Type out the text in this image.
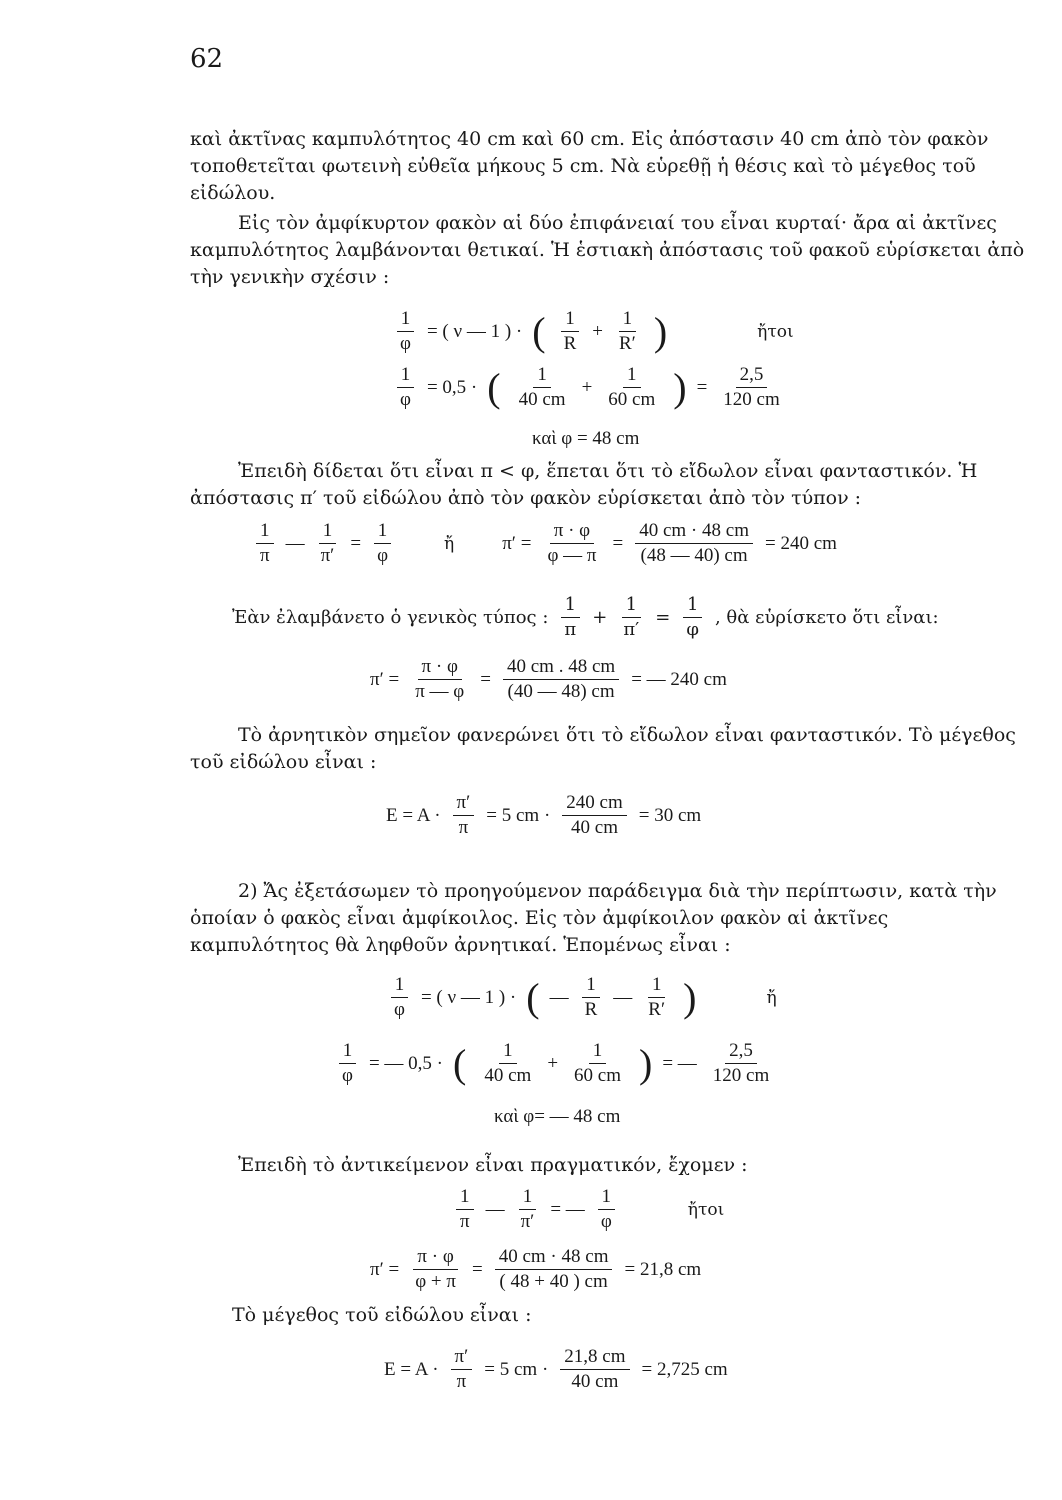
62

καὶ ἀκτῖνας καμπυλότητος 40 cm καὶ 60 cm. Εἰς ἀπόστασιν 40 cm ἀπὸ τὸν φακὸν τοποθετεῖται φωτεινὴ εὐθεῖα μήκους 5 cm. Νὰ εὑρεθῇ ἡ θέσις καὶ τὸ μέγεθος τοῦ εἰδώλου.

Εἰς τὸν ἀμφίκυρτον φακὸν αἱ δύο ἐπιφάνειαί του εἶναι κυρταί· ἄρα αἱ ἀκτῖνες καμπυλότητος λαμβάνονται θετικαί. Ἡ ἑστιακὴ ἀπόστασις τοῦ φακοῦ εὑρίσκεται ἀπὸ τὴν γενικὴν σχέσιν :

$\frac{1}{\varphi}$ = ( ν — 1 ) · ( $\frac{1}{R} + \frac{1}{R'}$ )	ἤτοι
$\frac{1}{\varphi} = 0,5$ · ( $\frac{1}{40 cm} + \frac{1}{60 cm}$ ) = $\frac{2,5}{120 cm}$
καὶ φ = 48 cm

Ἐπειδὴ δίδεται ὅτι εἶναι π < φ, ἕπεται ὅτι τὸ εἴδωλον εἶναι φανταστικόν. Ἡ ἀπόστασις π′ τοῦ εἰδώλου ἀπὸ τὸν φακὸν εὑρίσκεται ἀπὸ τὸν τύπον :

$\frac{1}{\pi}$ — $\frac{1}{\pi'} = \frac{1}{\varphi}$	ἤ	$\pi' = \frac{\pi \cdot \varphi}{\varphi — \pi} = \frac{40 cm \cdot 48 cm}{(48 — 40) cm} = 240$ cm
Ἐὰν ἐλαμβάνετο ὁ γενικὸς τύπος : $\frac{1}{\pi} + \frac{1}{\pi'} = \frac{1}{\varphi}$ , θὰ εὑρίσκετο ὅτι εἶναι:
$\pi' = \frac{\pi \cdot \varphi}{\pi — \varphi} = \frac{40 cm . 48 cm}{(40 — 48) cm}$ = — 240 cm

Τὸ ἀρνητικὸν σημεῖον φανερώνει ὅτι τὸ εἴδωλον εἶναι φανταστικόν. Τὸ μέγεθος τοῦ εἰδώλου εἶναι :

$E = A \cdot \frac{\pi'}{\pi} = 5$ cm · $\frac{240 cm}{40 cm} = 30$ cm

2) Ἄς ἐξετάσωμεν τὸ προηγούμενον παράδειγμα διὰ τὴν περίπτωσιν, κατὰ τὴν ὁποίαν ὁ φακὸς εἶναι ἀμφίκοιλος. Εἰς τὸν ἀμφίκοιλον φακὸν αἱ ἀκτῖνες καμπυλότητος θὰ ληφθοῦν ἀρνητικαί. Ἑπομένως εἶναι :

$\frac{1}{\varphi}$ = ( ν — 1 ) · ( — $\frac{1}{R}$ — $\frac{1}{R'}$ )	ἤ
$\frac{1}{\varphi}$ = — 0,5 · ( $\frac{1}{40 cm} + \frac{1}{60 cm}$ ) = — $\frac{2,5}{120 cm}$
καὶ φ= — 48 cm

Ἐπειδὴ τὸ ἀντικείμενον εἶναι πραγματικόν, ἔχομεν :

$\frac{1}{\pi}$ — $\frac{1}{\pi'}$ = — $\frac{1}{\varphi}$	ἤτοι
$\pi' = \frac{\pi \cdot \varphi}{\varphi + \pi} = \frac{40 cm \cdot 48 cm}{( 48 + 40 ) cm} = 21,8$ cm

Τὸ μέγεθος τοῦ εἰδώλου εἶναι :

$E = A \cdot \frac{\pi'}{\pi} = 5$ cm · $\frac{21,8 cm}{40 cm} = 2,725$ cm
